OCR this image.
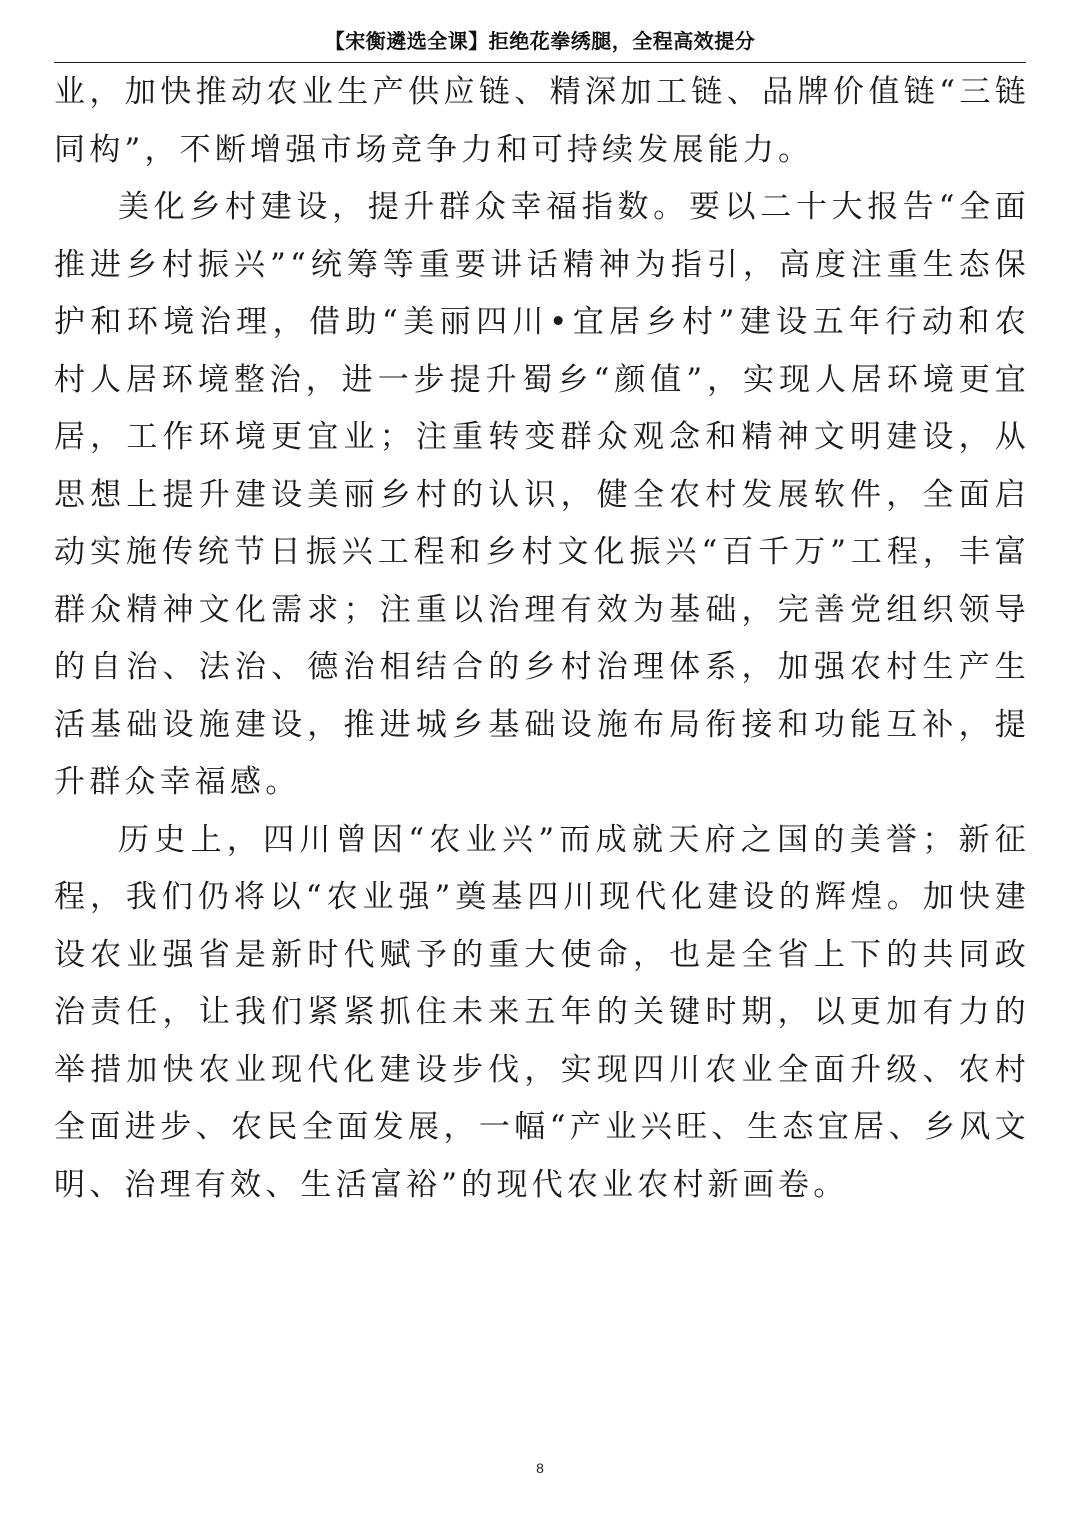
【宋衡遴选全课】拒绝花拳绣腿，全程高效提分

业，加快推动农业生产供应链、精深加工链、品牌价值链“三链同构”，不断增强市场竞争力和可持续发展能力。

美化乡村建设，提升群众幸福指数。要以二十大报告“全面推进乡村振兴”“统筹等重要讲话精神为指引，高度注重生态保护和环境治理，借助“美丽四川•宜居乡村”建设五年行动和农村人居环境整治，进一步提升蜀乡“颜值”，实现人居环境更宜居，工作环境更宜业；注重转变群众观念和精神文明建设，从思想上提升建设美丽乡村的认识，健全农村发展软件，全面启动实施传统节日振兴工程和乡村文化振兴“百千万”工程，丰富群众精神文化需求；注重以治理有效为基础，完善党组织领导的自治、法治、德治相结合的乡村治理体系，加强农村生产生活基础设施建设，推进城乡基础设施布局衔接和功能互补，提升群众幸福感。

历史上，四川曾因“农业兴”而成就天府之国的美誉；新征程，我们仍将以“农业强”奠基四川现代化建设的辉煌。加快建设农业强省是新时代赋予的重大使命，也是全省上下的共同政治责任，让我们紧紧抓住未来五年的关键时期，以更加有力的举措加快农业现代化建设步伐，实现四川农业全面升级、农村全面进步、农民全面发展，一幅“产业兴旺、生态宜居、乡风文明、治理有效、生活富裕”的现代农业农村新画卷。

8
